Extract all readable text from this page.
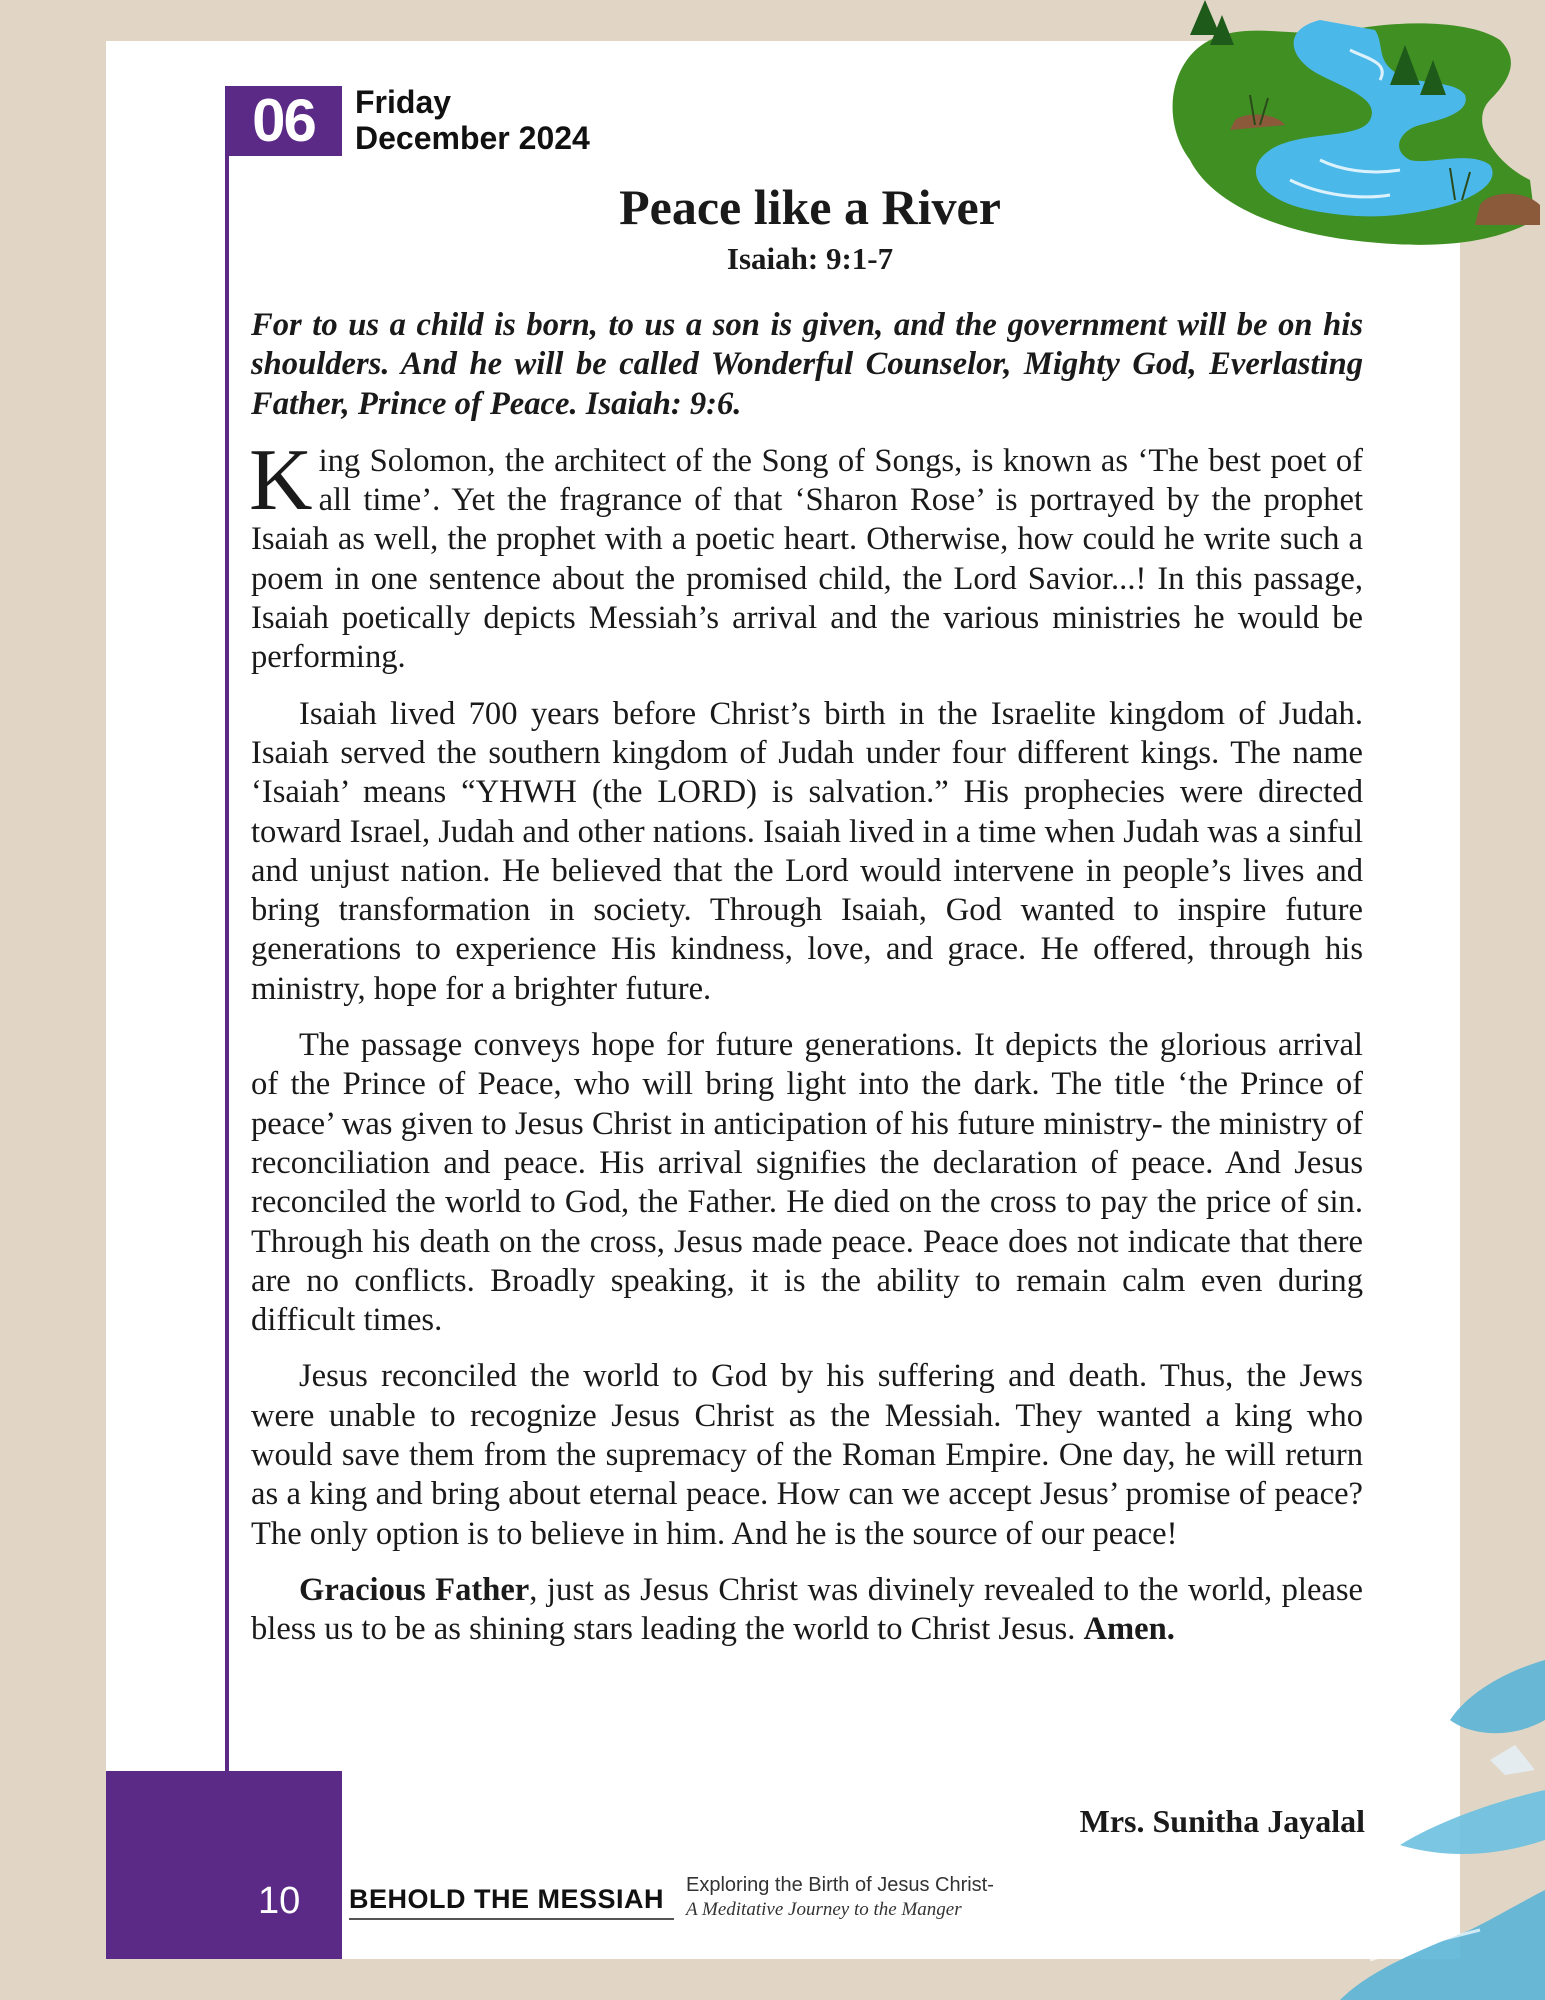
06	Friday
December 2024
Peace like a River
Isaiah: 9:1-7

For to us a child is born, to us a son is given, and the government will be on his shoulders. And he will be called Wonderful Counselor, Mighty God, Everlasting Father, Prince of Peace. Isaiah: 9:6.

King Solomon, the architect of the Song of Songs, is known as ‘The best poet of all time’. Yet the fragrance of that ‘Sharon Rose’ is portrayed by the prophet Isaiah as well, the prophet with a poetic heart. Otherwise, how could he write such a poem in one sentence about the promised child, the Lord Savior...! In this passage, Isaiah poetically depicts Messiah’s arrival and the various ministries he would be performing.

Isaiah lived 700 years before Christ’s birth in the Israelite kingdom of Judah. Isaiah served the southern kingdom of Judah under four different kings. The name ‘Isaiah’ means “YHWH (the LORD) is salvation.” His prophecies were directed toward Israel, Judah and other nations. Isaiah lived in a time when Judah was a sinful and unjust nation. He believed that the Lord would intervene in people’s lives and bring transformation in society. Through Isaiah, God wanted to inspire future generations to experience His kindness, love, and grace. He offered, through his ministry, hope for a brighter future.

The passage conveys hope for future generations. It depicts the glorious arrival of the Prince of Peace, who will bring light into the dark. The title ‘the Prince of peace’ was given to Jesus Christ in anticipation of his future ministry- the ministry of reconciliation and peace. His arrival signifies the declaration of peace. And Jesus reconciled the world to God, the Father. He died on the cross to pay the price of sin. Through his death on the cross, Jesus made peace. Peace does not indicate that there are no conflicts. Broadly speaking, it is the ability to remain calm even during difficult times.

Jesus reconciled the world to God by his suffering and death. Thus, the Jews were unable to recognize Jesus Christ as the Messiah. They wanted a king who would save them from the supremacy of the Roman Empire. One day, he will return as a king and bring about eternal peace. How can we accept Jesus’ promise of peace? The only option is to believe in him. And he is the source of our peace!

Gracious Father, just as Jesus Christ was divinely revealed to the world, please bless us to be as shining stars leading the world to Christ Jesus. Amen.

Mrs. Sunitha Jayalal
10 BEHOLD THE MESSIAH Exploring the Birth of Jesus Christ-
A Meditative Journey to the Manger
